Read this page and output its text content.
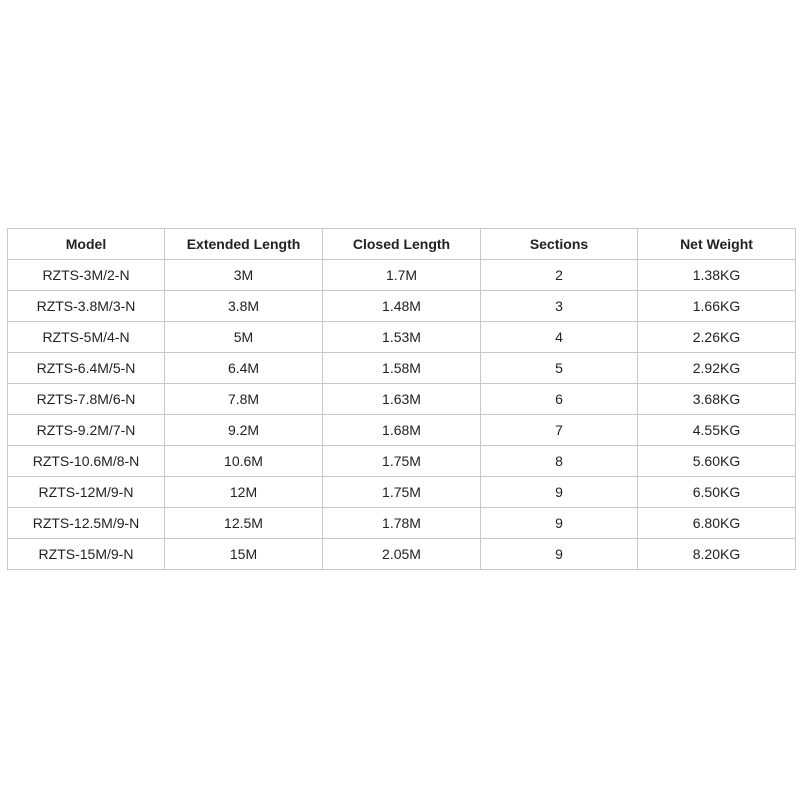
Model	Extended Length	Closed Length	Sections	Net Weight
RZTS-3M/2-N	3M	1.7M	2	1.38KG
RZTS-3.8M/3-N	3.8M	1.48M	3	1.66KG
RZTS-5M/4-N	5M	1.53M	4	2.26KG
RZTS-6.4M/5-N	6.4M	1.58M	5	2.92KG
RZTS-7.8M/6-N	7.8M	1.63M	6	3.68KG
RZTS-9.2M/7-N	9.2M	1.68M	7	4.55KG
RZTS-10.6M/8-N	10.6M	1.75M	8	5.60KG
RZTS-12M/9-N	12M	1.75M	9	6.50KG
RZTS-12.5M/9-N	12.5M	1.78M	9	6.80KG
RZTS-15M/9-N	15M	2.05M	9	8.20KG
